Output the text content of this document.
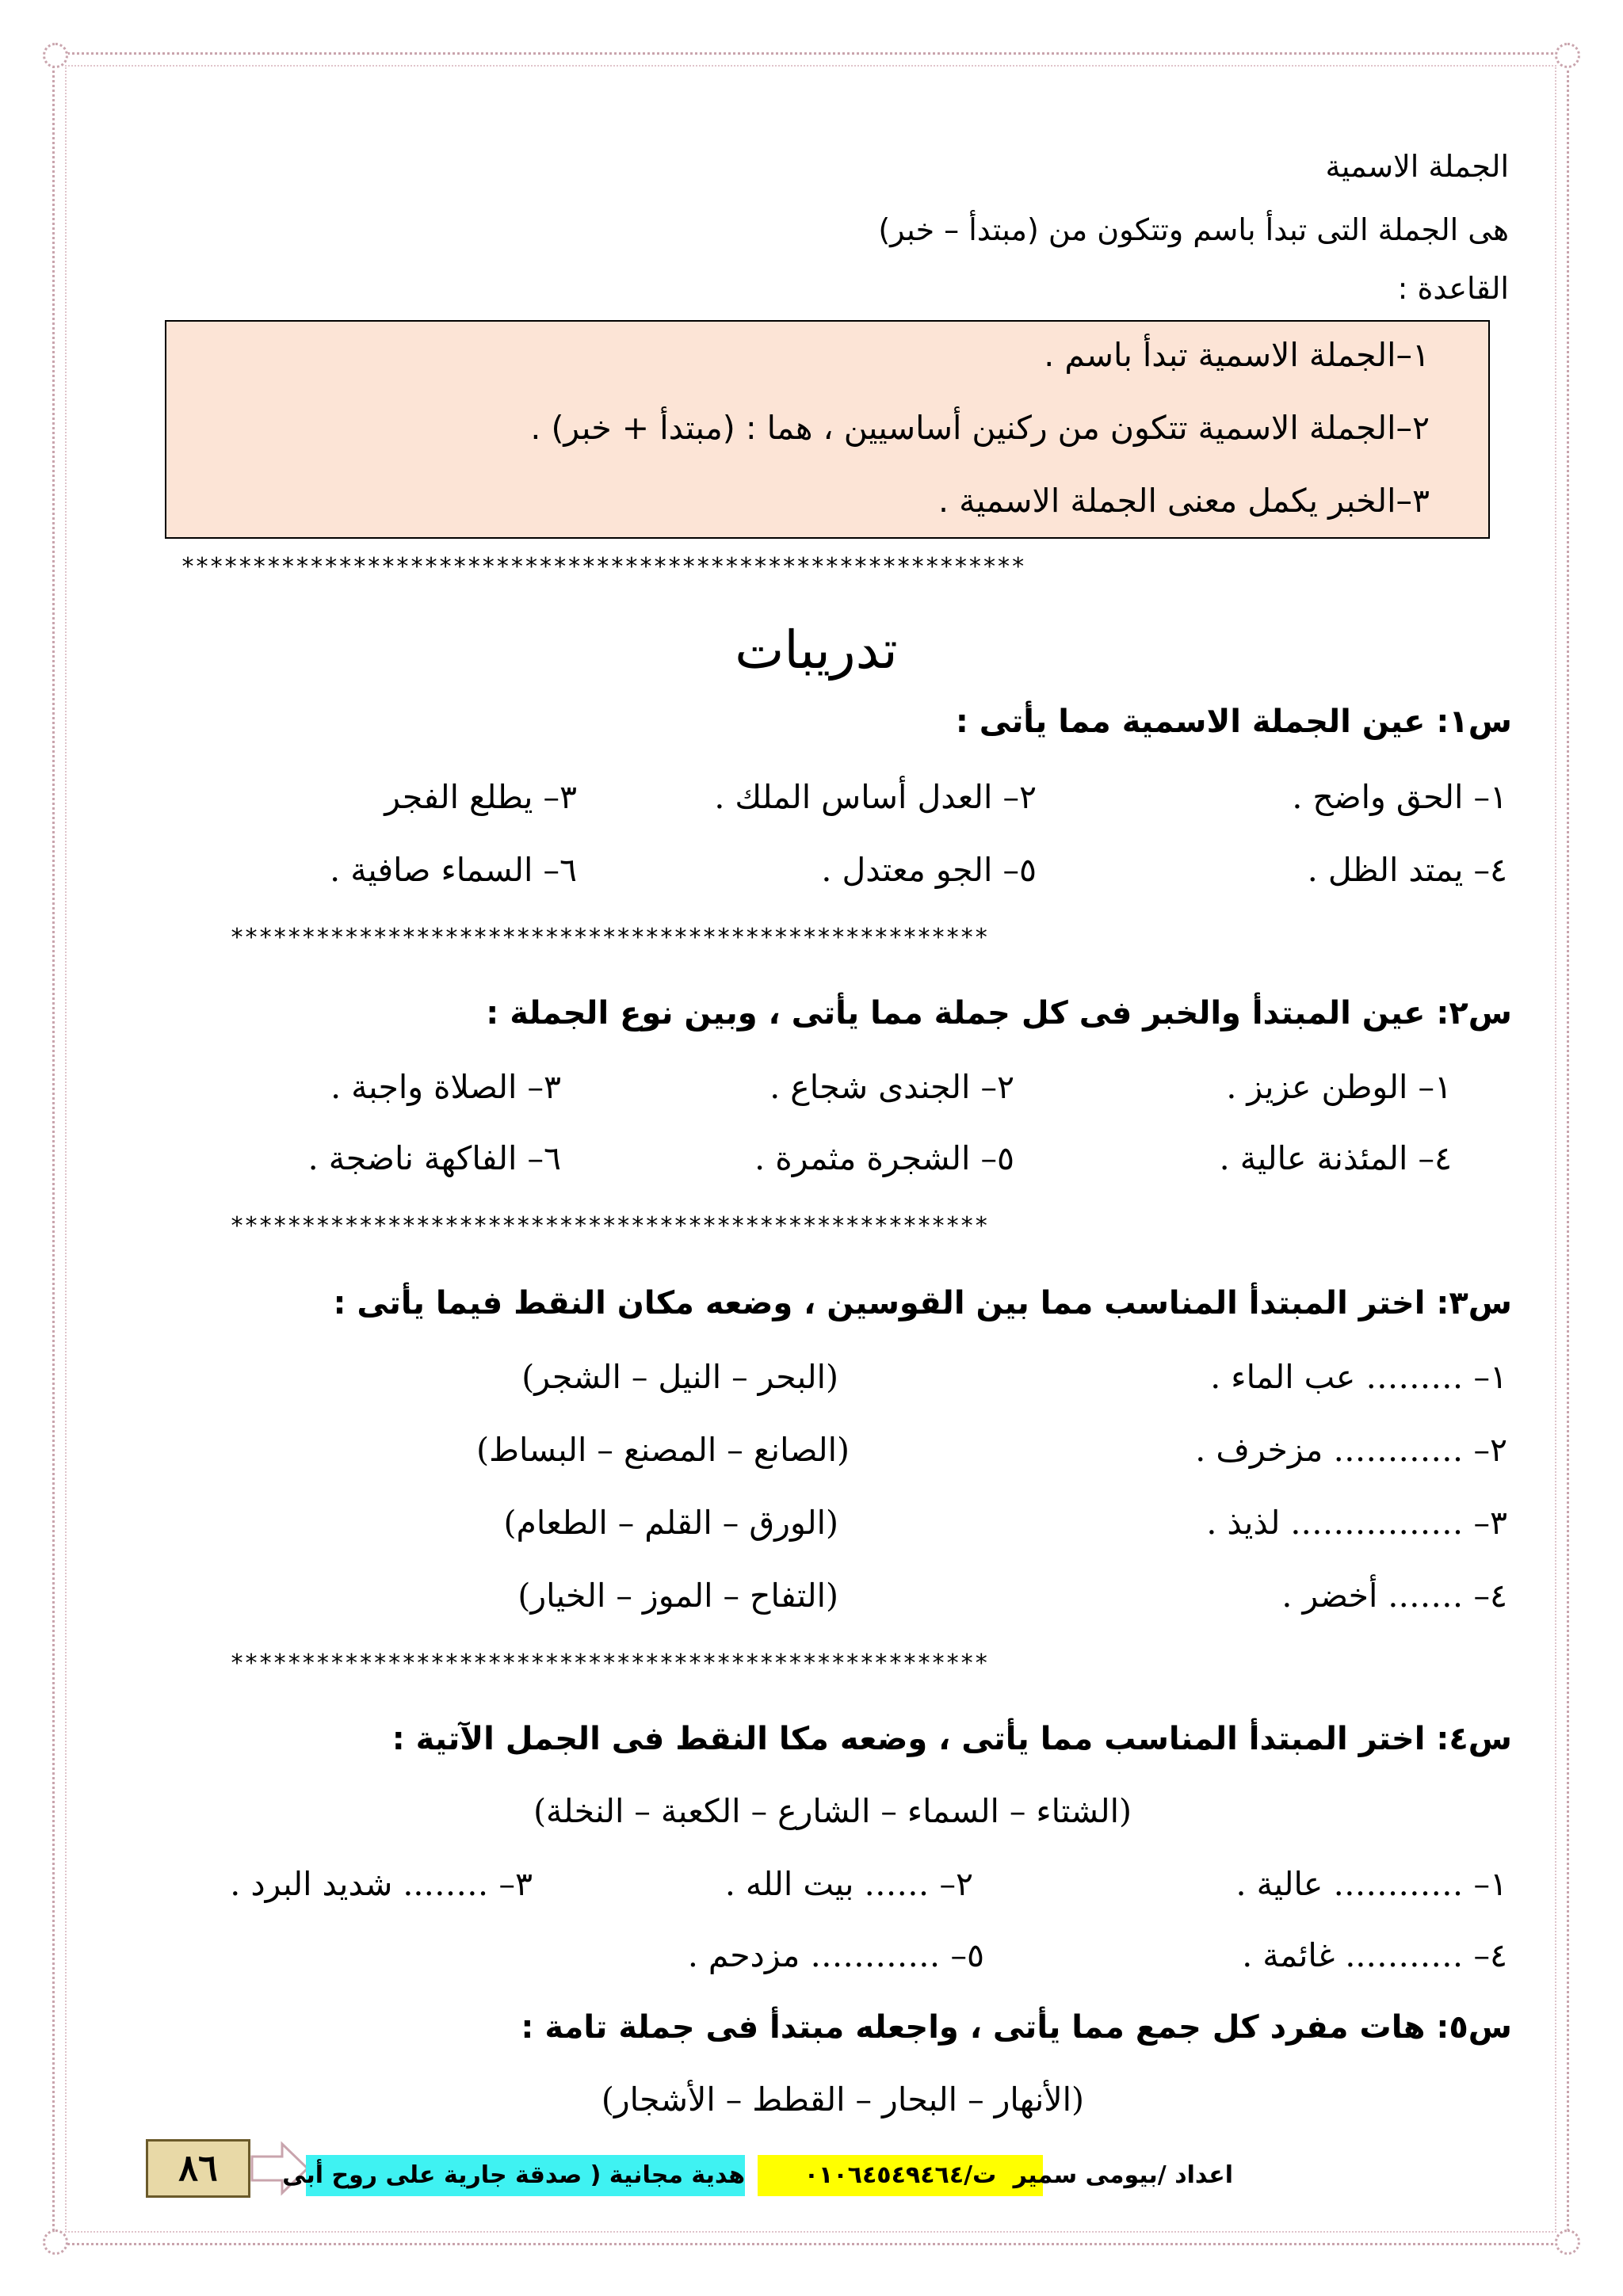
الجملة الاسمية
هى الجملة التى تبدأ باسم وتتكون من (مبتدأ – خبر)
القاعدة :
١–الجملة الاسمية تبدأ باسم .
٢–الجملة الاسمية تتكون من ركنين أساسيين ، هما : (مبتدأ + خبر) .
٣–الخبر يكمل معنى الجملة الاسمية .
***********************************************************
تدريبات
س١: عين الجملة الاسمية مما يأتى :
١– الحق واضح .
٢– العدل أساس الملك .
٣– يطلع الفجر
٤– يمتد الظل .
٥– الجو معتدل .
٦– السماء صافية .
*****************************************************
س٢: عين المبتدأ والخبر فى كل جملة مما يأتى ، وبين نوع الجملة :
١– الوطن عزيز .
٢– الجندى شجاع .
٣– الصلاة واجبة .
٤– المئذنة عالية .
٥– الشجرة مثمرة .
٦– الفاكهة ناضجة .
*****************************************************
س٣: اختر المبتدأ المناسب مما بين القوسين ، وضعه مكان النقط فيما يأتى :
١– ……… عب الماء .
(البحر – النيل – الشجر)
٢– ………… مزخرف .
(الصانع – المصنع – البساط)
٣– ……………. لذيذ .
(الورق – القلم – الطعام)
٤– ……. أخضر .
(التفاح – الموز – الخيار)
*****************************************************
س٤: اختر المبتدأ المناسب مما يأتى ، وضعه مكا النقط فى الجمل الآتية :
(الشتاء – السماء – الشارع – الكعبة – النخلة)
١– ………… عالية .
٢– …… بيت الله .
٣– …….. شديد البرد .
٤– ……….. غائمة .
٥– ………… مزدحم .
س٥: هات مفرد كل جمع مما يأتى ، واجعله مبتدأ فى جملة تامة :
(الأنهار – البحار – القطط – الأشجار)
٨٦	هدية مجانية ( صدقة جارية على روح أبى	ت/٠١٠٦٤٥٤٩٤٦٤ اعداد /بيومى سمير
